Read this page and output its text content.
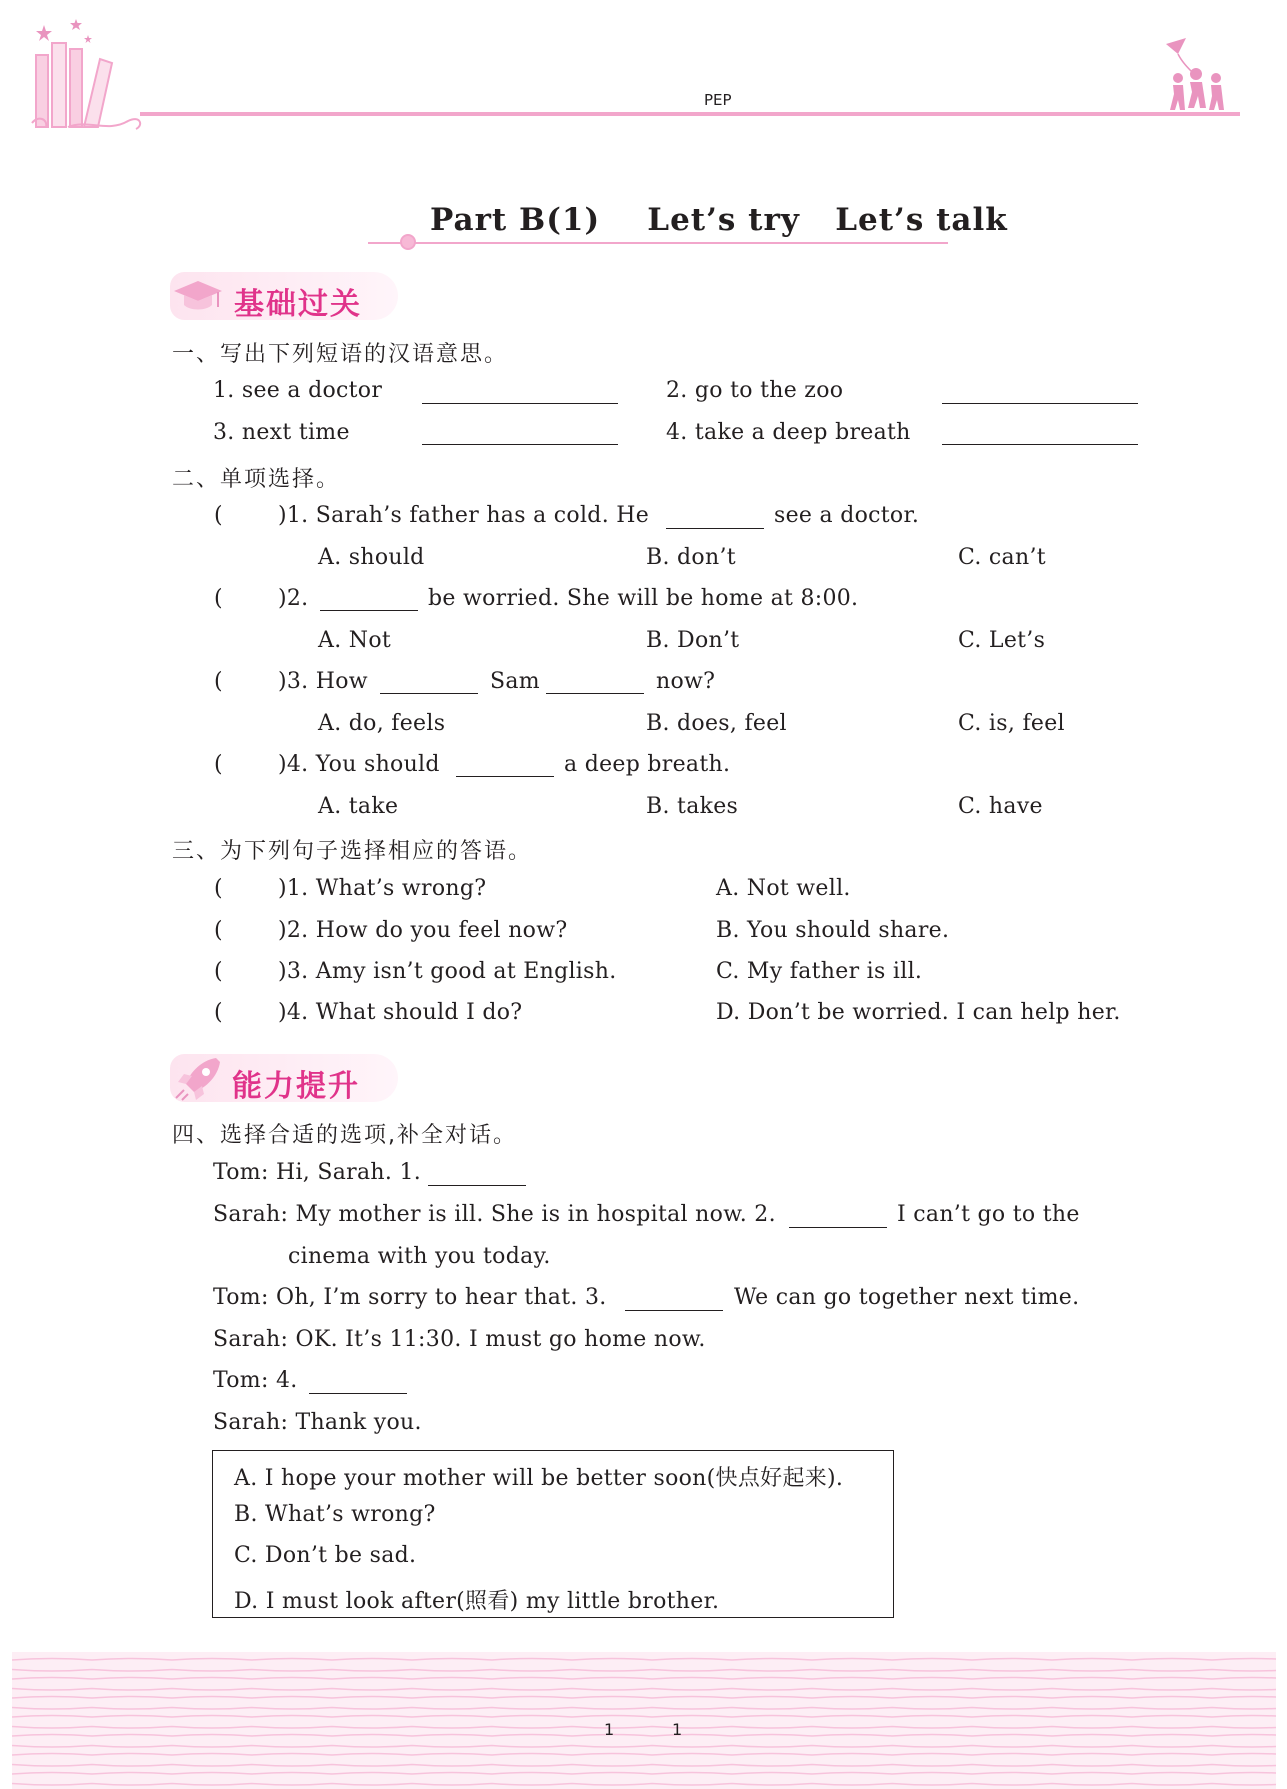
PEP
Part B(1)    Let’s try   Let’s talk
基础过关
一、写出下列短语的汉语意思。
1. see a doctor	2. go to the zoo
3. next time	4. take a deep breath
二、单项选择。
(	)1. Sarah’s father has a cold. He	see a doctor.
A. should	B. don’t	C. can’t
(	)2.	be worried. She will be home at 8:00.
A. Not	B. Don’t	C. Let’s
(	)3. How	Sam	now?
A. do, feels	B. does, feel	C. is, feel
(	)4. You should	a deep breath.
A. take	B. takes	C. have
三、为下列句子选择相应的答语。
(	)1. What’s wrong?	A. Not well.
(	)2. How do you feel now?	B. You should share.
(	)3. Amy isn’t good at English.	C. My father is ill.
(	)4. What should I do?	D. Don’t be worried. I can help her.
能力提升
四、选择合适的选项,补全对话。
Tom: Hi, Sarah. 1.
Sarah: My mother is ill. She is in hospital now. 2.	I can’t go to the
cinema with you today.
Tom: Oh, I’m sorry to hear that. 3.	We can go together next time.
Sarah: OK. It’s 11:30. I must go home now.
Tom: 4.
Sarah: Thank you.
A. I hope your mother will be better soon(快点好起来).
B. What’s wrong?
C. Don’t be sad.
D. I must look after(照看) my little brother.
1	1
